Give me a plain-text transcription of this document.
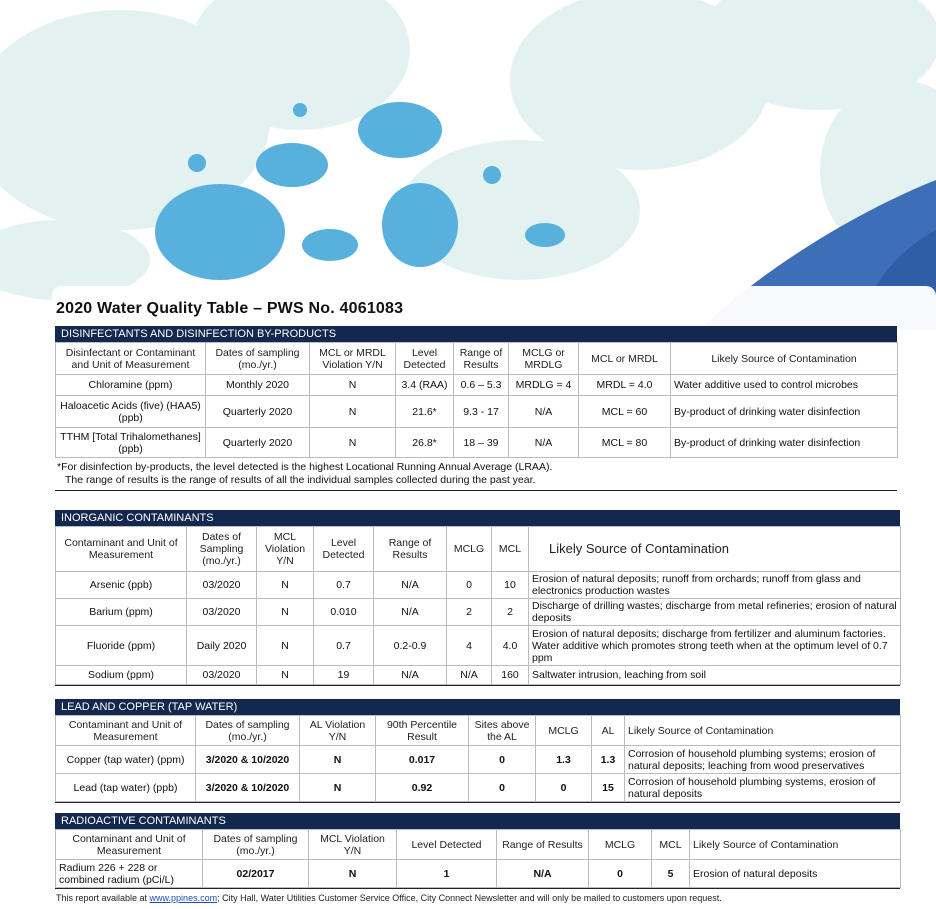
2020 Water Quality Table – PWS No. 4061083
DISINFECTANTS AND DISINFECTION BY-PRODUCTS
Disinfectant or Contaminant and Unit of Measurement	Dates of sampling (mo./yr.)	MCL or MRDL Violation Y/N	Level Detected	Range of Results	MCLG or MRDLG	MCL or MRDL	Likely Source of Contamination
Chloramine (ppm)	Monthly 2020	N	3.4 (RAA)	0.6 – 5.3	MRDLG = 4	MRDL = 4.0	Water additive used to control microbes
Haloacetic Acids (five) (HAA5) (ppb)	Quarterly 2020	N	21.6*	9.3 - 17	N/A	MCL = 60	By-product of drinking water disinfection
TTHM [Total Trihalomethanes] (ppb)	Quarterly 2020	N	26.8*	18 – 39	N/A	MCL = 80	By-product of drinking water disinfection
*For disinfection by-products, the level detected is the highest Locational Running Annual Average (LRAA).
The range of results is the range of results of all the individual samples collected during the past year.
INORGANIC CONTAMINANTS
Contaminant and Unit of Measurement	Dates of Sampling (mo./yr.)	MCL Violation Y/N	Level Detected	Range of Results	MCLG	MCL	Likely Source of Contamination
Arsenic (ppb)	03/2020	N	0.7	N/A	0	10	Erosion of natural deposits; runoff from orchards; runoff from glass and electronics production wastes
Barium (ppm)	03/2020	N	0.010	N/A	2	2	Discharge of drilling wastes; discharge from metal refineries; erosion of natural deposits
Fluoride (ppm)	Daily 2020	N	0.7	0.2-0.9	4	4.0	Erosion of natural deposits; discharge from fertilizer and aluminum factories. Water additive which promotes strong teeth when at the optimum level of 0.7 ppm
Sodium (ppm)	03/2020	N	19	N/A	N/A	160	Saltwater intrusion, leaching from soil
LEAD AND COPPER (TAP WATER)
Contaminant and Unit of Measurement	Dates of sampling (mo./yr.)	AL Violation Y/N	90th Percentile Result	Sites above the AL	MCLG	AL	Likely Source of Contamination
Copper (tap water) (ppm)	3/2020 & 10/2020	N	0.017	0	1.3	1.3	Corrosion of household plumbing systems; erosion of natural deposits; leaching from wood preservatives
Lead (tap water) (ppb)	3/2020 & 10/2020	N	0.92	0	0	15	Corrosion of household plumbing systems, erosion of natural deposits
RADIOACTIVE CONTAMINANTS
Contaminant and Unit of Measurement	Dates of sampling (mo./yr.)	MCL Violation Y/N	Level Detected	Range of Results	MCLG	MCL	Likely Source of Contamination
Radium 226 + 228 or combined radium (pCi/L)	02/2017	N	1	N/A	0	5	Erosion of natural deposits
This report available at www.ppines.com; City Hall, Water Utilities Customer Service Office, City Connect Newsletter and will only be mailed to customers upon request.
